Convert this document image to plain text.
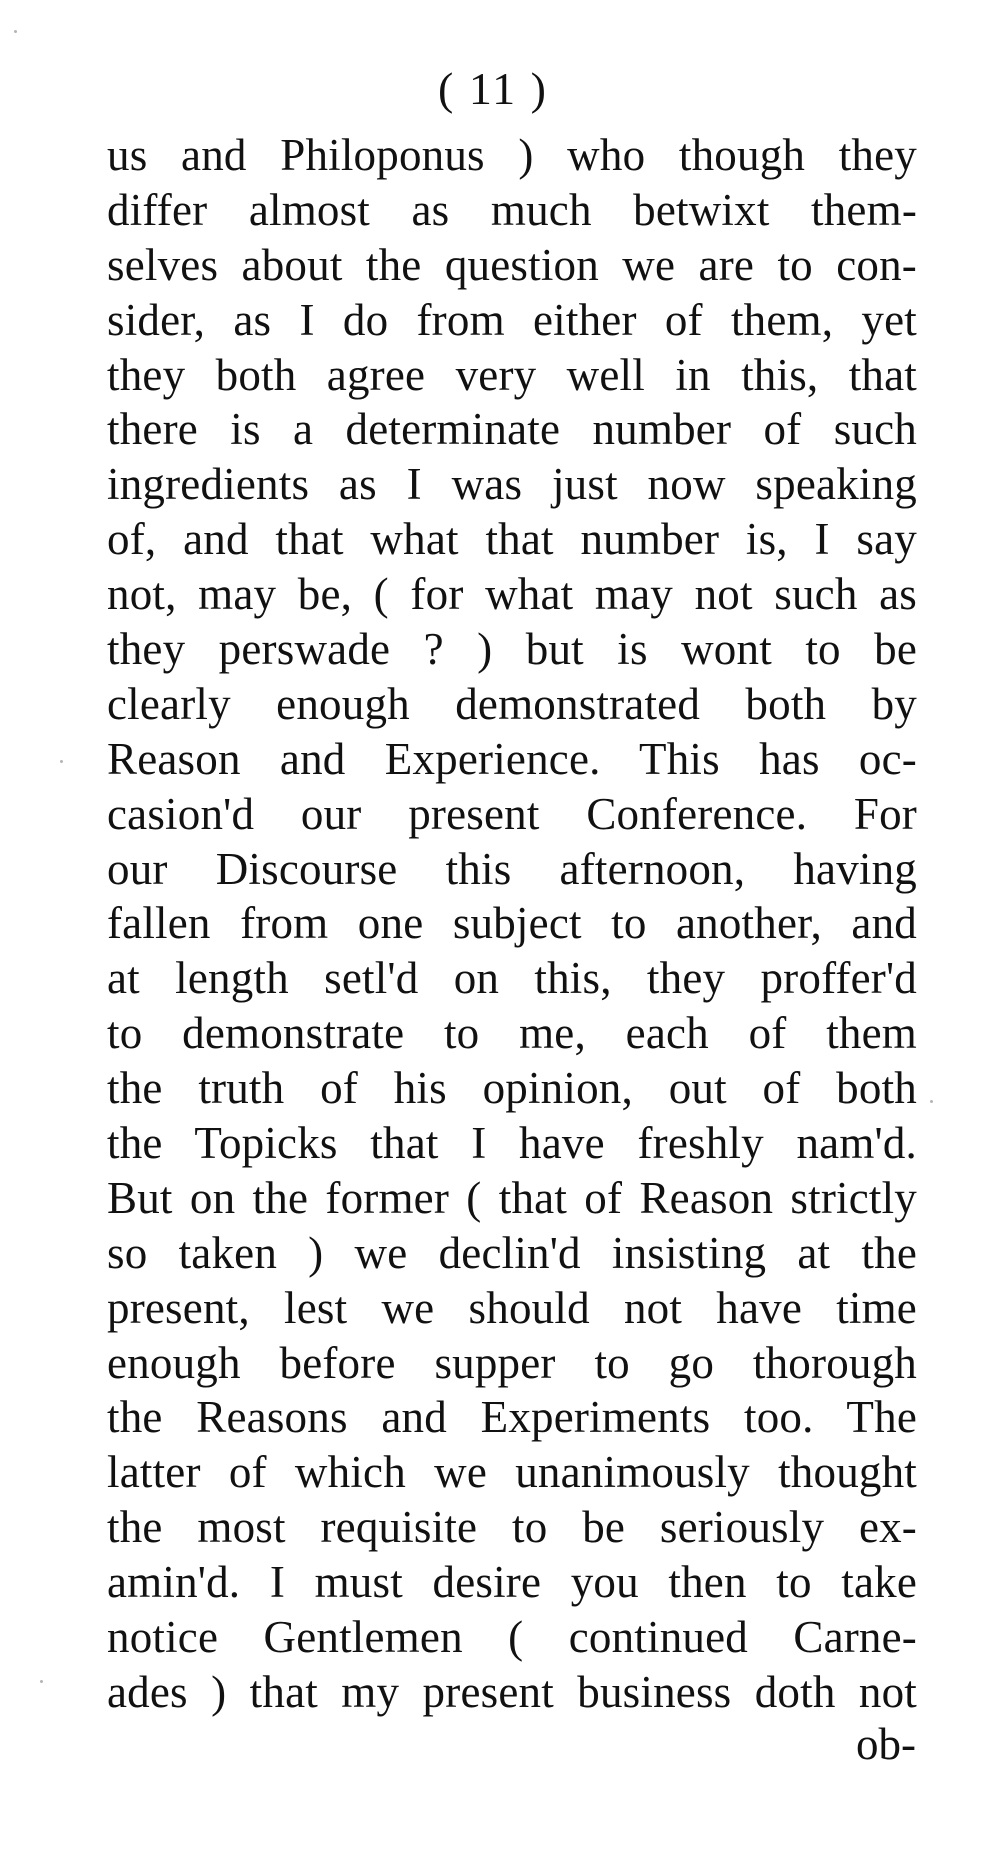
( 11 )
us and Philoponus ) who though they
differ almost as much betwixt them-
selves about the question we are to con-
sider, as I do from either of them, yet
they both agree very well in this, that
there is a determinate number of such
ingredients as I was just now speaking
of, and that what that number is, I say
not, may be, ( for what may not such as
they perswade ? ) but is wont to be
clearly enough demonstrated both by
Reason and Experience. This has oc-
casion'd our present Conference. For
our Discourse this afternoon, having
fallen from one subject to another, and
at length setl'd on this, they proffer'd
to demonstrate to me, each of them
the truth of his opinion, out of both
the Topicks that I have freshly nam'd.
But on the former ( that of Reason strictly
so taken ) we declin'd insisting at the
present, lest we should not have time
enough before supper to go thorough
the Reasons and Experiments too. The
latter of which we unanimously thought
the most requisite to be seriously ex-
amin'd. I must desire you then to take
notice Gentlemen ( continued Carne-
ades ) that my present business doth not
ob-
